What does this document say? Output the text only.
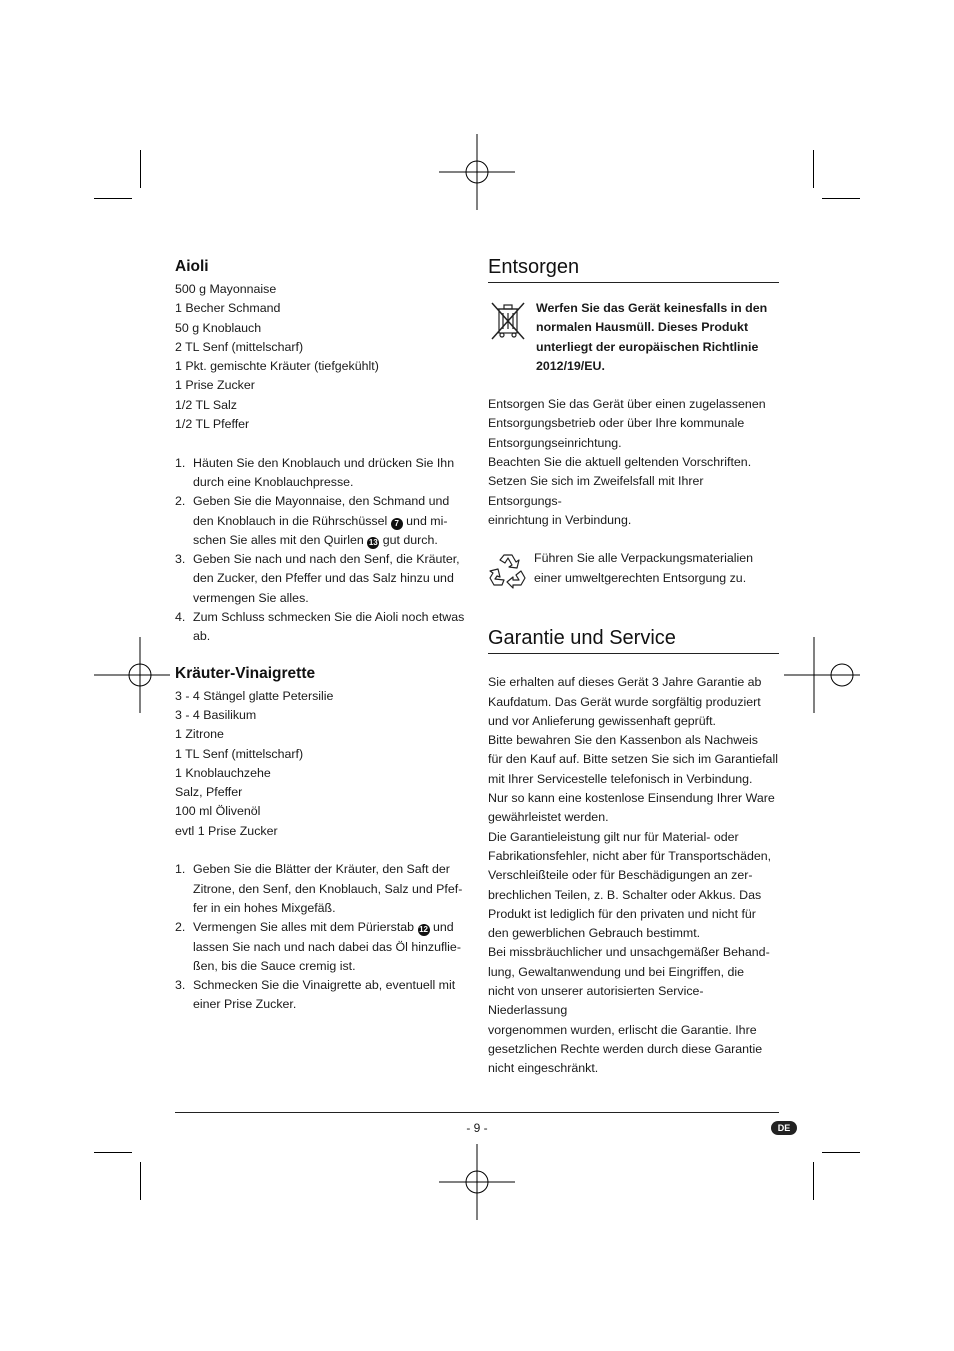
Aioli

500 g Mayonnaise

1 Becher Schmand

50 g Knoblauch

2 TL Senf (mittelscharf)

1 Pkt. gemischte Kräuter (tiefgekühlt)

1 Prise Zucker

1/2 TL Salz

1/2 TL Pfeffer

1. Häuten Sie den Knoblauch und drücken Sie Ihn
durch eine Knoblauchpresse.
2. Geben Sie die Mayonnaise, den Schmand und
den Knoblauch in die Rührschüssel 7 und mi-
schen Sie alles mit den Quirlen 13 gut durch.
3. Geben Sie nach und nach den Senf, die Kräuter,
den Zucker, den Pfeffer und das Salz hinzu und
vermengen Sie alles.
4. Zum Schluss schmecken Sie die Aioli noch etwas
ab.
Kräuter-Vinaigrette

3 - 4 Stängel glatte Petersilie

3 - 4 Basilikum

1 Zitrone

1 TL Senf (mittelscharf)

1 Knoblauchzehe

Salz, Pfeffer

100 ml Ölivenöl

evtl 1 Prise Zucker

1. Geben Sie die Blätter der Kräuter, den Saft der
Zitrone, den Senf, den Knoblauch, Salz und Pfef-
fer in ein hohes Mixgefäß.
2. Vermengen Sie alles mit dem Pürierstab 12 und
lassen Sie nach und nach dabei das Öl hinzuflie-
ßen, bis die Sauce cremig ist.
3. Schmecken Sie die Vinaigrette ab, eventuell mit
einer Prise Zucker.
Entsorgen
Werfen Sie das Gerät keinesfalls in den
normalen Hausmüll. Dieses Produkt
unterliegt der europäischen Richtlinie
2012/19/EU.

Entsorgen Sie das Gerät über einen zugelassenen

Entsorgungsbetrieb oder über Ihre kommunale

Entsorgungseinrichtung.

Beachten Sie die aktuell geltenden Vorschriften.

Setzen Sie sich im Zweifelsfall mit Ihrer Entsorgungs-

einrichtung in Verbindung.

Führen Sie alle Verpackungsmaterialien
einer umweltgerechten Entsorgung zu.
Garantie und Service

Sie erhalten auf dieses Gerät 3 Jahre Garantie ab

Kaufdatum. Das Gerät wurde sorgfältig produziert

und vor Anlieferung gewissenhaft geprüft.

Bitte bewahren Sie den Kassenbon als Nachweis

für den Kauf auf. Bitte setzen Sie sich im Garantiefall

mit Ihrer Servicestelle telefonisch in Verbindung.

Nur so kann eine kostenlose Einsendung Ihrer Ware

gewährleistet werden.

Die Garantieleistung gilt nur für Material- oder

Fabrikationsfehler, nicht aber für Transportschäden,

Verschleißteile oder für Beschädigungen an zer-

brechlichen Teilen, z. B. Schalter oder Akkus. Das

Produkt ist lediglich für den privaten und nicht für

den gewerblichen Gebrauch bestimmt.

Bei missbräuchlicher und unsachgemäßer Behand-

lung, Gewaltanwendung und bei Eingriffen, die

nicht von unserer autorisierten Service-Niederlassung

vorgenommen wurden, erlischt die Garantie. Ihre

gesetzlichen Rechte werden durch diese Garantie

nicht eingeschränkt.

- 9 -	DE
